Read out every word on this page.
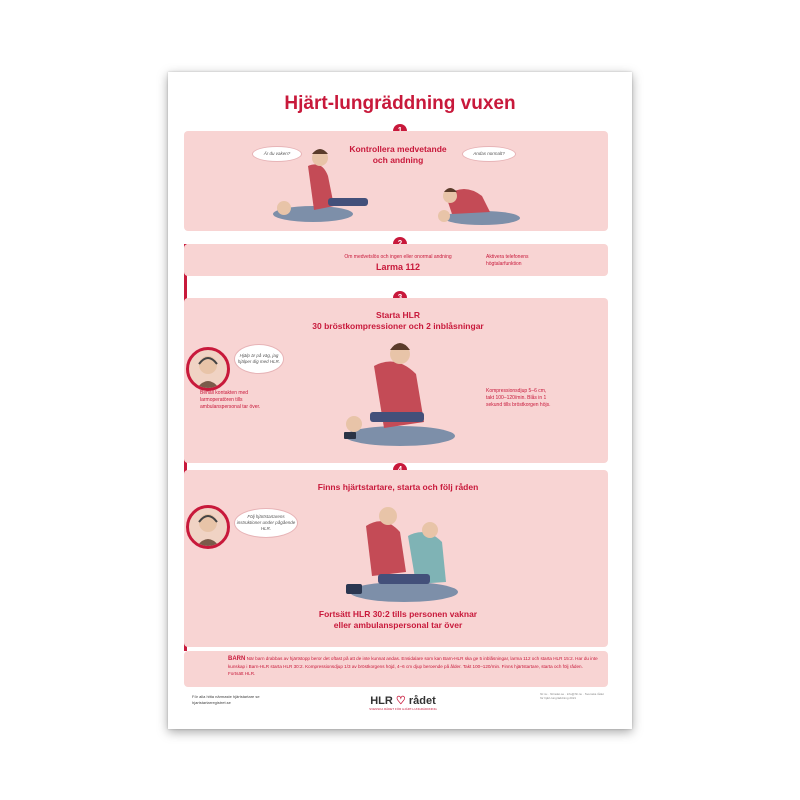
Hjärt-lungräddning vuxen
Kontrollera medvetande
och andning
Är du vaken?	Andas normalt?
Om medvetslös och ingen eller onormal andning
Larma 112
Aktivera telefonens högtalarfunktion
Starta HLR
30 bröstkompressioner och 2 inblåsningar
Hjälp är på väg, jag hjälper dig med HLR.
Behåll kontakten med larmoperatören tills ambulanspersonal tar över.
Kompressionsdjup 5–6 cm, takt 100–120/min. Blås in 1 sekund tills bröstkorgen höjs.
Finns hjärtstartare, starta och följ råden
Följ hjärtstartarens instruktioner under pågående HLR.
Fortsätt HLR 30:2 tills personen vaknar
eller ambulanspersonal tar över
BARN När barn drabbas av hjärtstopp beror det oftast på att de inte kunnat andas. Ensidalare som kan Barn-HLR ska ge 5 inblåsningar, larma 112 och starta HLR 15:2. Har du inte kunskap i Barn-HLR starta HLR 30:2. Kompressionsdjup 1/3 av bröstkorgens höjd, 4–6 cm djup beroende på ålder. Takt 100–120/min. Finns hjärtstartare, starta och följ råden. Fortsätt HLR.
För alla hitta närmaste hjärtstartare se hjartstartarregistret.se	HLR ♡ rådet
SVENSKA RÅDET FÖR HJÄRT-LUNGRÄDDNING
hlr.nu · hlrradet.se · info@hlr.nu · Svenska rådet för hjärt-lungräddning 2021
